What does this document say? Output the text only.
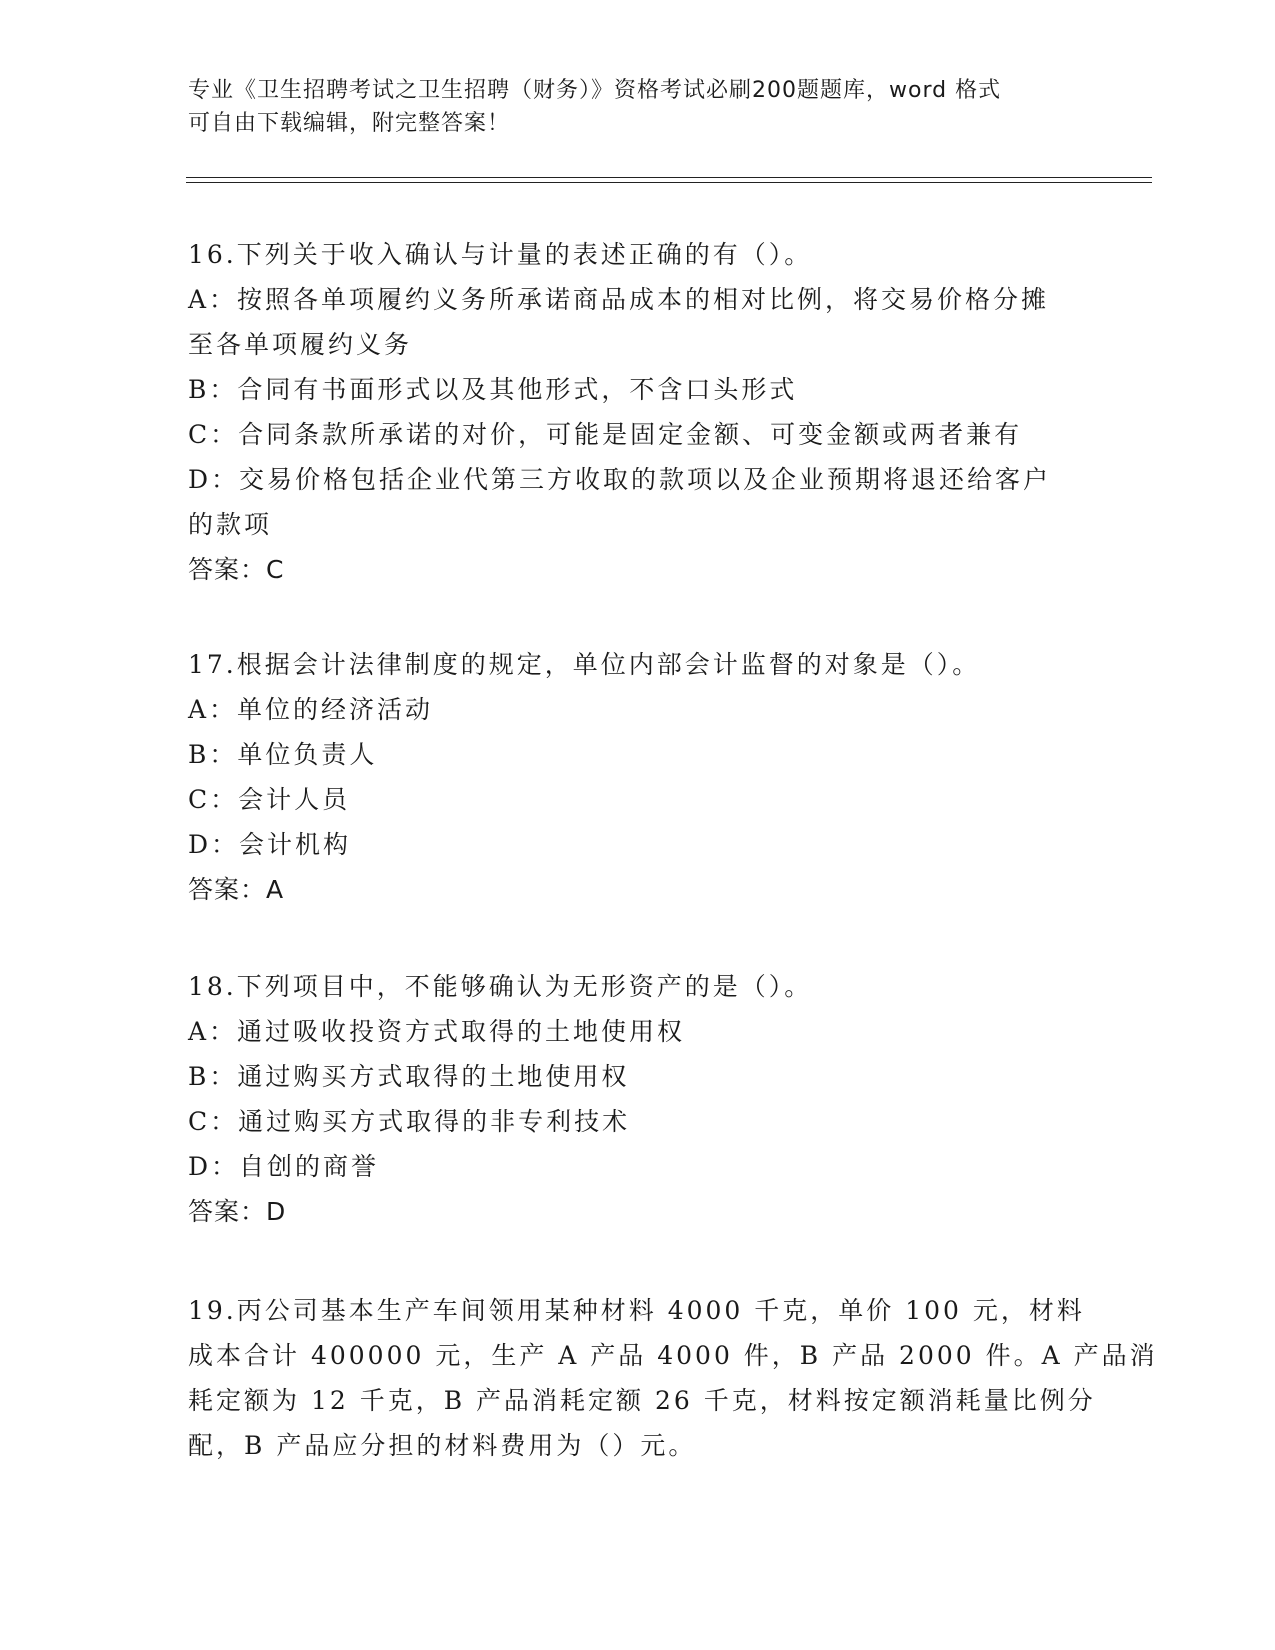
专业《卫生招聘考试之卫生招聘（财务）》资格考试必刷200题题库，word 格式
可自由下载编辑，附完整答案！
16.下列关于收入确认与计量的表述正确的有（）。
A：按照各单项履约义务所承诺商品成本的相对比例，将交易价格分摊
至各单项履约义务
B：合同有书面形式以及其他形式，不含口头形式
C：合同条款所承诺的对价，可能是固定金额、可变金额或两者兼有
D：交易价格包括企业代第三方收取的款项以及企业预期将退还给客户
的款项
答案：C
17.根据会计法律制度的规定，单位内部会计监督的对象是（）。
A：单位的经济活动
B：单位负责人
C：会计人员
D：会计机构
答案：A
18.下列项目中，不能够确认为无形资产的是（）。
A：通过吸收投资方式取得的土地使用权
B：通过购买方式取得的土地使用权
C：通过购买方式取得的非专利技术
D：自创的商誉
答案：D
19.丙公司基本生产车间领用某种材料 4000 千克，单价 100 元，材料
成本合计 400000 元，生产 A 产品 4000 件，B 产品 2000 件。A 产品消
耗定额为 12 千克，B 产品消耗定额 26 千克，材料按定额消耗量比例分
配，B 产品应分担的材料费用为（）元。
